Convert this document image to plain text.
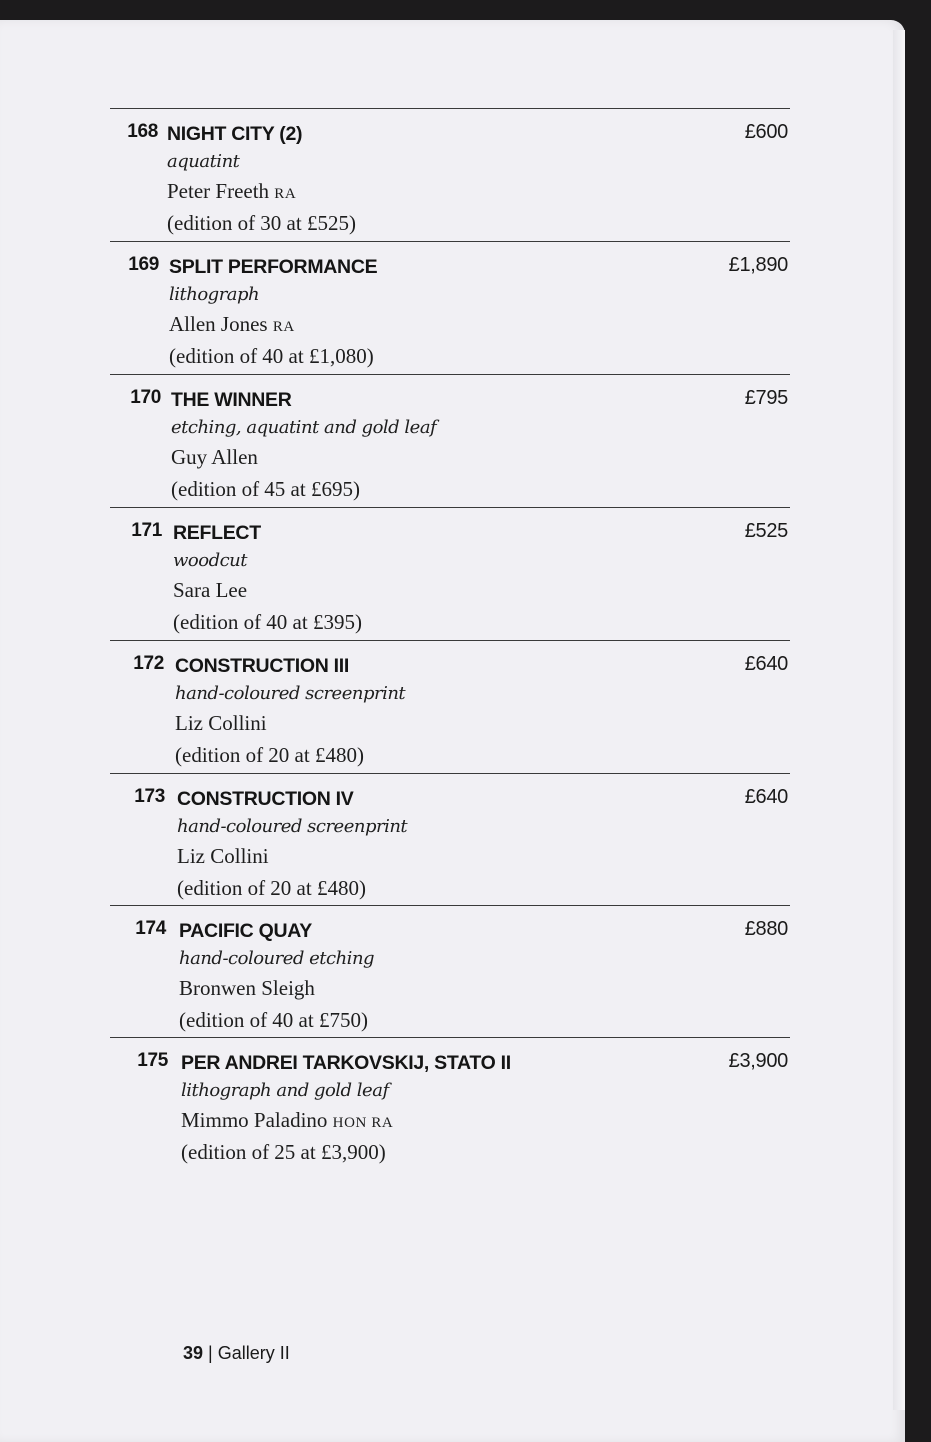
168 NIGHT CITY (2)
aquatint
Peter Freeth RA
(edition of 30 at £525)
£600
169 SPLIT PERFORMANCE
lithograph
Allen Jones RA
(edition of 40 at £1,080)
£1,890
170 THE WINNER
etching, aquatint and gold leaf
Guy Allen
(edition of 45 at £695)
£795
171 REFLECT
woodcut
Sara Lee
(edition of 40 at £395)
£525
172 CONSTRUCTION III
hand-coloured screenprint
Liz Collini
(edition of 20 at £480)
£640
173 CONSTRUCTION IV
hand-coloured screenprint
Liz Collini
(edition of 20 at £480)
£640
174 PACIFIC QUAY
hand-coloured etching
Bronwen Sleigh
(edition of 40 at £750)
£880
175 PER ANDREI TARKOVSKIJ, STATO II
lithograph and gold leaf
Mimmo Paladino HON RA
(edition of 25 at £3,900)
£3,900
39 | Gallery II
